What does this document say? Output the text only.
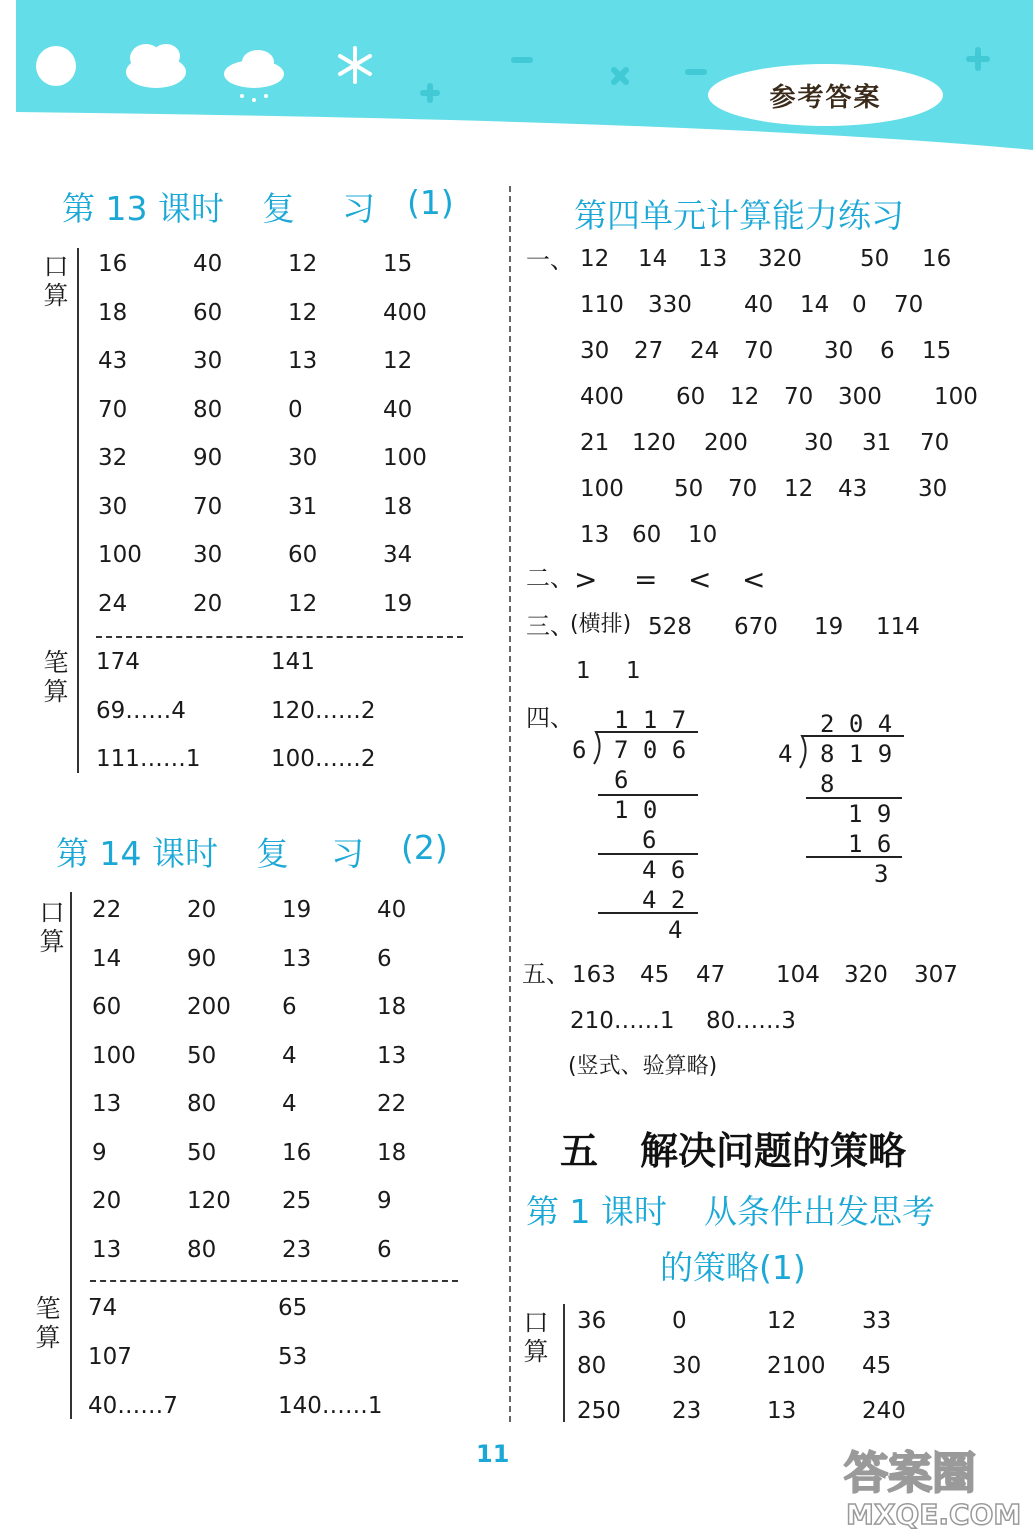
参考答案
第 13 课时 复 习 (1)
口算
笔算
16	40	12	15
18	60	12	400
43	30	13	12
70	80	0	40
32	90	30	100
30	70	31	18
100 30	60	34
24	20	12	19
174	141
69……4	120……2
111……1	100……2
第 14 课时 复 习 (2)
口算
笔算
22	20	19	40
14	90	13	6
60	200 6	18
100 50	4	13
13	80	4	22
9	50	16	18
20	120 25	9
13	80	23	6
74	65
107	53
40……7	140……1
第四单元计算能力练习
一、 12 14 13 320	50 16
110 330 40 14 0 70
30 27 24 70 30 6 15
400 60 12 70 300 100
21 120 200 30 31 70
100 50 70 12 43 30
13 60 10
二、 > = < <
三、
(横排) 528 670 19 114
1 1
四、 1 1 7
6 7 0 6
6
1 0
6
4 6
4 2
4
2 0 4
4 8 1 9
8
1 9
1 6
3
五、 163 45 47 104 320 307
210……1 80……3
(竖式、验算略)
五 解决问题的策略
第 1 课时 从条件出发思考
的策略(1)
口算
36	0	12	33
80	30	2100 45
250 23	13	240
11	答案圈
MXQE.COM
